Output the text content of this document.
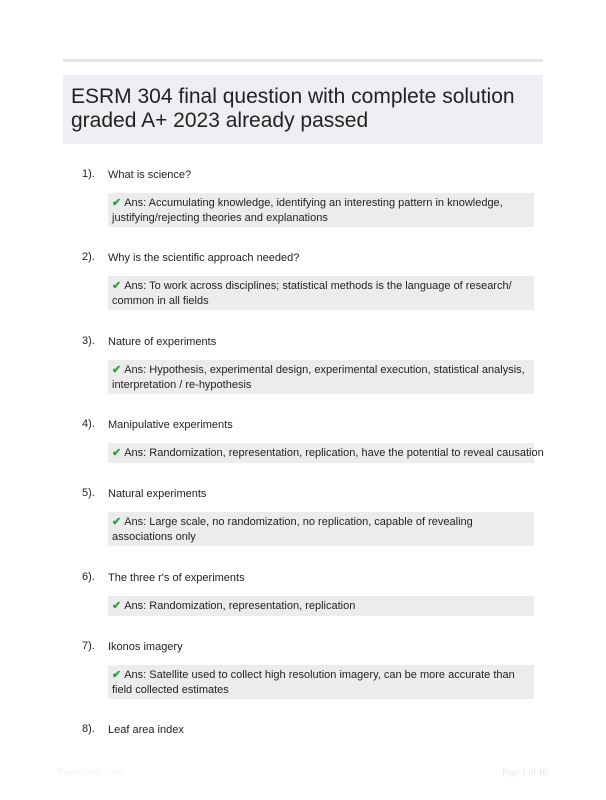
ESRM 304 final question with complete solution graded A+ 2023 already passed
1). What is science?
✔ Ans: Accumulating knowledge, identifying an interesting pattern in knowledge, justifying/rejecting theories and explanations
2). Why is the scientific approach needed?
✔ Ans: To work across disciplines; statistical methods is the language of research/ common in all fields
3). Nature of experiments
✔ Ans: Hypothesis, experimental design, experimental execution, statistical analysis, interpretation / re-hypothesis
4). Manipulative experiments
✔ Ans: Randomization, representation, replication, have the potential to reveal causation
5). Natural experiments
✔ Ans: Large scale, no randomization, no replication, capable of revealing associations only
6). The three r's of experiments
✔ Ans: Randomization, representation, replication
7). Ikonos imagery
✔ Ans: Satellite used to collect high resolution imagery, can be more accurate than field collected estimates
8). Leaf area index
PaperStblic.com	Page 1 of 16
